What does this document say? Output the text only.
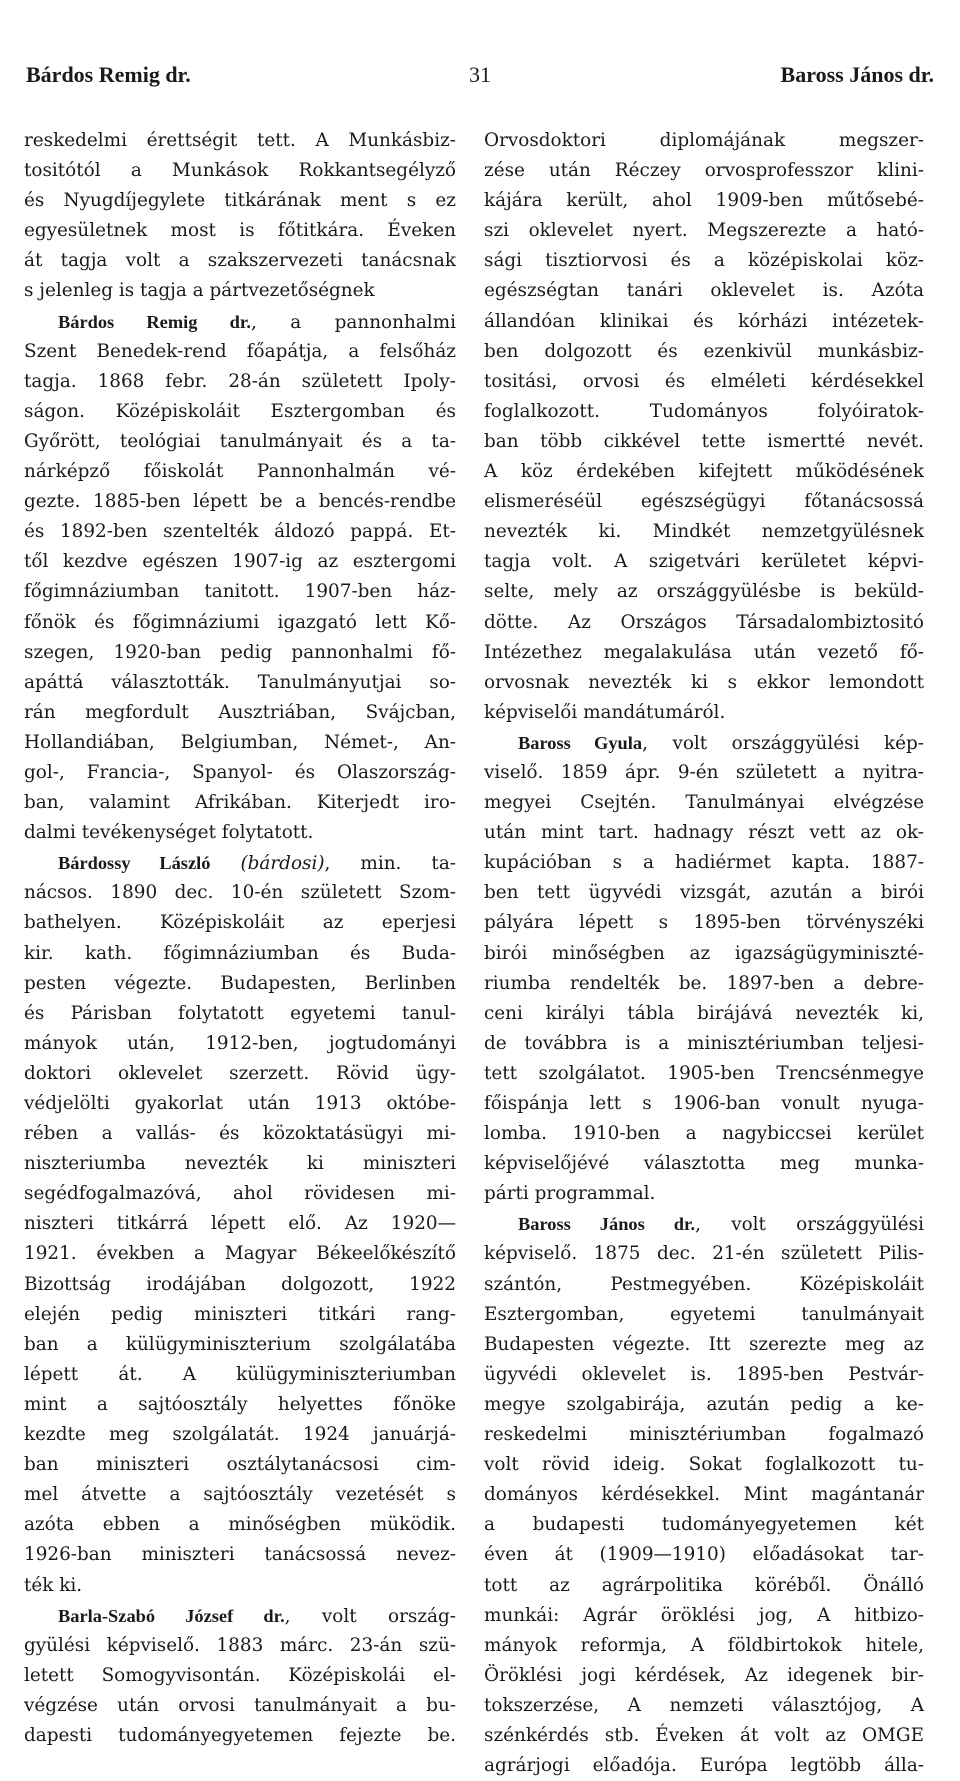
31
Bárdos Remig dr.	Baross János dr.
reskedelmi érettségit tett. A Munkásbiz-
tositótól a Munkások Rokkantsegélyző
és Nyugdíjegylete titkárának ment s ez
egyesületnek most is főtitkára. Éveken
át tagja volt a szakszervezeti tanácsnak
s jelenleg is tagja a pártvezetőségnek
Bárdos Remig dr., a pannonhalmi
Szent Benedek-rend főapátja, a felsőház
tagja. 1868 febr. 28-án született Ipoly-
ságon. Középiskoláit Esztergomban és
Győrött, teológiai tanulmányait és a ta-
nárképző főiskolát Pannonhalmán vé-
gezte. 1885-ben lépett be a bencés-rendbe
és 1892-ben szentelték áldozó pappá. Et-
től kezdve egészen 1907-ig az esztergomi
főgimnáziumban tanitott. 1907-ben ház-
főnök és főgimnáziumi igazgató lett Kő-
szegen, 1920-ban pedig pannonhalmi fő-
apáttá választották. Tanulmányutjai so-
rán megfordult Ausztriában, Svájcban,
Hollandiában, Belgiumban, Német-, An-
gol-, Francia-, Spanyol- és Olaszország-
ban, valamint Afrikában. Kiterjedt iro-
dalmi tevékenységet folytatott.
Bárdossy László (bárdosi), min. ta-
nácsos. 1890 dec. 10-én született Szom-
bathelyen. Középiskoláit az eperjesi
kir. kath. főgimnáziumban és Buda-
pesten végezte. Budapesten, Berlinben
és Párisban folytatott egyetemi tanul-
mányok után, 1912-ben, jogtudományi
doktori oklevelet szerzett. Rövid ügy-
védjelölti gyakorlat után 1913 októbe-
rében a vallás- és közoktatásügyi mi-
niszteriumba nevezték ki miniszteri
segédfogalmazóvá, ahol rövidesen mi-
niszteri titkárrá lépett elő. Az 1920—
1921. években a Magyar Békeelőkészítő
Bizottság irodájában dolgozott, 1922
elején pedig miniszteri titkári rang-
ban a külügyminiszterium szolgálatába
lépett át. A külügyminiszteriumban
mint a sajtóosztály helyettes főnöke
kezdte meg szolgálatát. 1924 januárjá-
ban miniszteri osztálytanácsosi cim-
mel átvette a sajtóosztály vezetését s
azóta ebben a minőségben müködik.
1926-ban miniszteri tanácsossá nevez-
ték ki.
Barla-Szabó József dr., volt ország-
gyülési képviselő. 1883 márc. 23-án szü-
letett Somogyvisontán. Középiskolái el-
végzése után orvosi tanulmányait a bu-
dapesti tudományegyetemen fejezte be.
Orvosdoktori diplomájának megszer-
zése után Réczey orvosprofesszor klini-
kájára került, ahol 1909-ben műtősebé-
szi oklevelet nyert. Megszerezte a ható-
sági tisztiorvosi és a középiskolai köz-
egészségtan tanári oklevelet is. Azóta
állandóan klinikai és kórházi intézetek-
ben dolgozott és ezenkivül munkásbiz-
tositási, orvosi és elméleti kérdésekkel
foglalkozott. Tudományos folyóiratok-
ban több cikkével tette ismertté nevét.
A köz érdekében kifejtett működésének
elismeréséül egészségügyi főtanácsossá
nevezték ki. Mindkét nemzetgyülésnek
tagja volt. A szigetvári kerületet képvi-
selte, mely az országgyülésbe is beküld-
dötte. Az Országos Társadalombiztositó
Intézethez megalakulása után vezető fő-
orvosnak nevezték ki s ekkor lemondott
képviselői mandátumáról.
Baross Gyula, volt országgyülési kép-
viselő. 1859 ápr. 9-én született a nyitra-
megyei Csejtén. Tanulmányai elvégzése
után mint tart. hadnagy részt vett az ok-
kupációban s a hadiérmet kapta. 1887-
ben tett ügyvédi vizsgát, azután a birói
pályára lépett s 1895-ben törvényszéki
birói minőségben az igazságügyminiszté-
riumba rendelték be. 1897-ben a debre-
ceni királyi tábla birájává nevezték ki,
de továbbra is a minisztériumban teljesi-
tett szolgálatot. 1905-ben Trencsénmegye
főispánja lett s 1906-ban vonult nyuga-
lomba. 1910-ben a nagybiccsei kerület
képviselőjévé választotta meg munka-
párti programmal.
Baross János dr., volt országgyülési
képviselő. 1875 dec. 21-én született Pilis-
szántón, Pestmegyében. Középiskoláit
Esztergomban, egyetemi tanulmányait
Budapesten végezte. Itt szerezte meg az
ügyvédi oklevelet is. 1895-ben Pestvár-
megye szolgabirája, azután pedig a ke-
reskedelmi minisztériumban fogalmazó
volt rövid ideig. Sokat foglalkozott tu-
dományos kérdésekkel. Mint magántanár
a budapesti tudományegyetemen két
éven át (1909—1910) előadásokat tar-
tott az agrárpolitika köréből. Önálló
munkái: Agrár öröklési jog, A hitbizo-
mányok reformja, A földbirtokok hitele,
Öröklési jogi kérdések, Az idegenek bir-
tokszerzése, A nemzeti választójog, A
szénkérdés stb. Éveken át volt az OMGE
agrárjogi előadója. Európa legtöbb álla-
